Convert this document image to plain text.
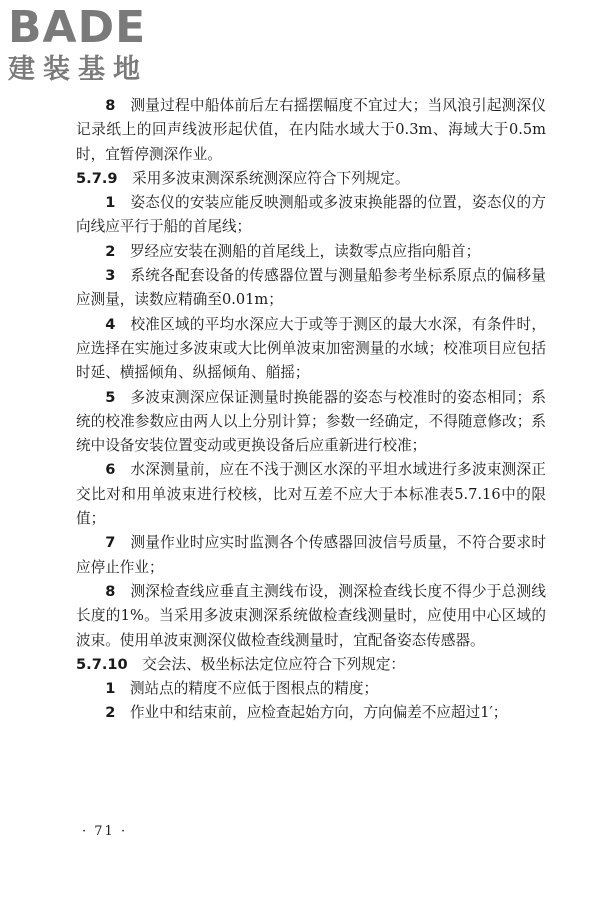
BADE
建装基地

8　 测量过程中船体前后左右摇摆幅度不宜过大；当风浪引起测深仪记录纸上的回声线波形起伏值，在内陆水域大于0.3m、海域大于0.5m时，宜暂停测深作业。

5.7.9　 采用多波束测深系统测深应符合下列规定。

1　 姿态仪的安装应能反映测船或多波束换能器的位置，姿态仪的方向线应平行于船的首尾线；

2　 罗经应安装在测船的首尾线上，读数零点应指向船首；

3　 系统各配套设备的传感器位置与测量船参考坐标系原点的偏移量应测量，读数应精确至0.01m；

4　 校准区域的平均水深应大于或等于测区的最大水深，有条件时，应选择在实施过多波束或大比例单波束加密测量的水域；校准项目应包括时延、横摇倾角、纵摇倾角、艏摇；

5　 多波束测深应保证测量时换能器的姿态与校准时的姿态相同；系统的校准参数应由两人以上分别计算；参数一经确定，不得随意修改；系统中设备安装位置变动或更换设备后应重新进行校准；

6　 水深测量前，应在不浅于测区水深的平坦水域进行多波束测深正交比对和用单波束进行校核，比对互差不应大于本标准表5.7.16中的限值；

7　 测量作业时应实时监测各个传感器回波信号质量，不符合要求时应停止作业；

8　 测深检查线应垂直主测线布设，测深检查线长度不得少于总测线长度的1%。当采用多波束测深系统做检查线测量时，应使用中心区域的波束。使用单波束测深仪做检查线测量时，宜配备姿态传感器。

5.7.10　 交会法、极坐标法定位应符合下列规定：

1　 测站点的精度不应低于图根点的精度；

2　 作业中和结束前，应检查起始方向，方向偏差不应超过1′；

· 71 ·
